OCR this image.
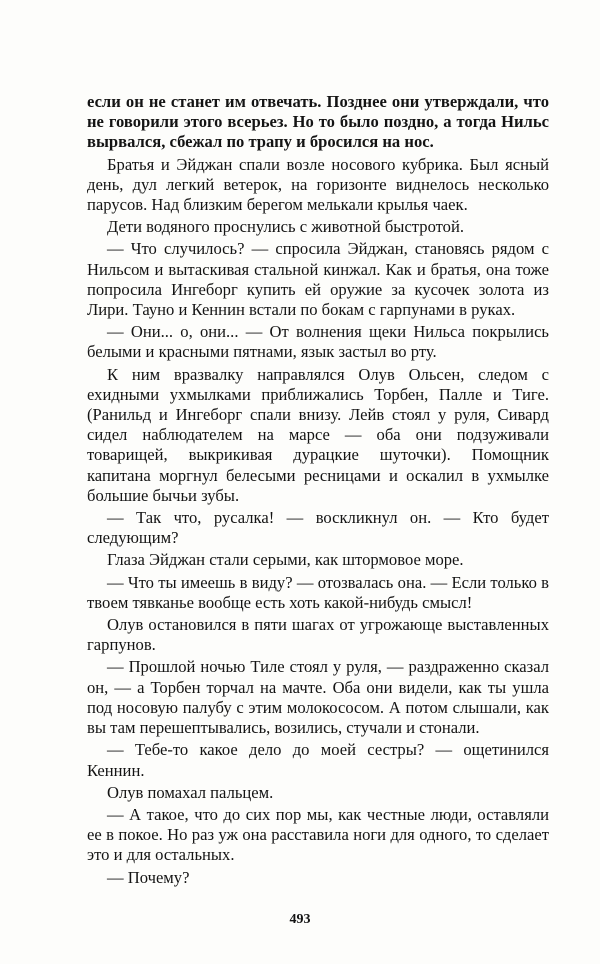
если он не станет им отвечать. Позднее они утверждали, что не говорили этого всерьез. Но то было поздно, а тогда Нильс вырвался, сбежал по трапу и бросился на нос.

Братья и Эйджан спали возле носового кубрика. Был ясный день, дул легкий ветерок, на горизонте виднелось несколько парусов. Над близким берегом мелькали крылья чаек.

Дети водяного проснулись с животной быстротой.

— Что случилось? — спросила Эйджан, становясь рядом с Нильсом и вытаскивая стальной кинжал. Как и братья, она тоже попросила Ингеборг купить ей оружие за кусочек золота из Лири. Тауно и Кеннин встали по бокам с гарпунами в руках.

— Они... о, они... — От волнения щеки Нильса покрылись белыми и красными пятнами, язык застыл во рту.

К ним вразвалку направлялся Олув Ольсен, следом с ехидными ухмылками приближались Торбен, Палле и Тиге. (Ранильд и Ингеборг спали внизу. Лейв стоял у руля, Сивард сидел наблюдателем на марсе — оба они подзуживали товарищей, выкрикивая дурацкие шуточки). Помощник капитана моргнул белесыми ресницами и оскалил в ухмылке большие бычьи зубы.

— Так что, русалка! — воскликнул он. — Кто будет следующим?

Глаза Эйджан стали серыми, как штормовое море.

— Что ты имеешь в виду? — отозвалась она. — Если только в твоем тявканье вообще есть хоть какой-нибудь смысл!

Олув остановился в пяти шагах от угрожающе выставленных гарпунов.

— Прошлой ночью Тиле стоял у руля, — раздраженно сказал он, — а Торбен торчал на мачте. Оба они видели, как ты ушла под носовую палубу с этим молокососом. А потом слышали, как вы там перешептывались, возились, стучали и стонали.

— Тебе-то какое дело до моей сестры? — ощетинился Кеннин.

Олув помахал пальцем.

— А такое, что до сих пор мы, как честные люди, оставляли ее в покое. Но раз уж она расставила ноги для одного, то сделает это и для остальных.

— Почему?

493
